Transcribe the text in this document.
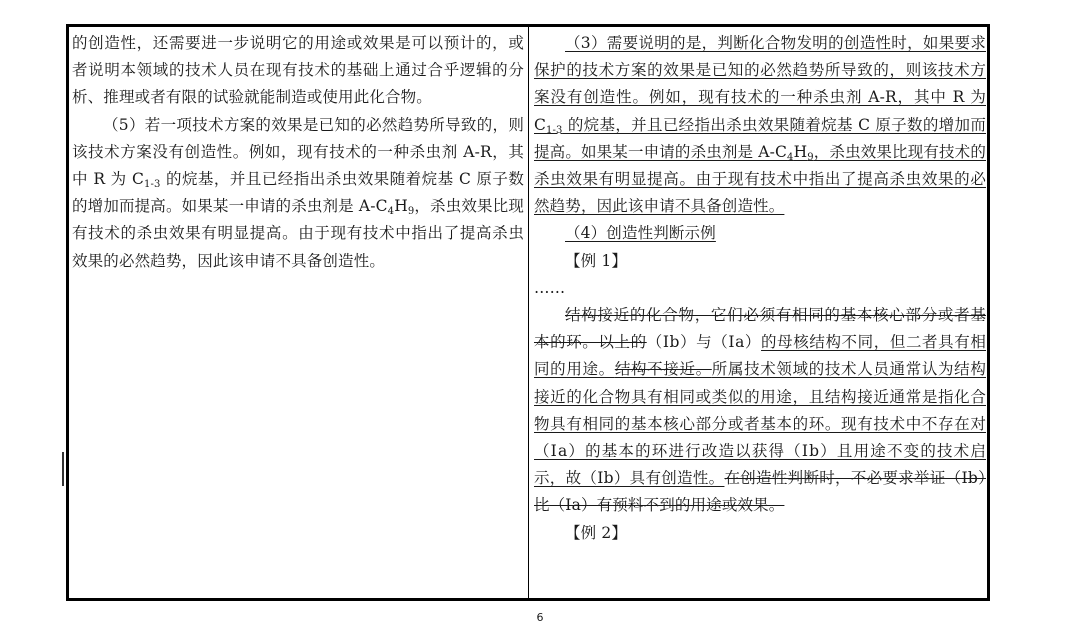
的创造性，还需要进一步说明它的用途或效果是可以预计的，或者说明本领域的技术人员在现有技术的基础上通过合乎逻辑的分析、推理或者有限的试验就能制造或使用此化合物。

（5）若一项技术方案的效果是已知的必然趋势所导致的，则该技术方案没有创造性。例如，现有技术的一种杀虫剂 A-R，其中 R 为 $C_{1-3}$ 的烷基，并且已经指出杀虫效果随着烷基 C 原子数的增加而提高。如果某一申请的杀虫剂是 $A-C_4H_9$，杀虫效果比现有技术的杀虫效果有明显提高。由于现有技术中指出了提高杀虫效果的必然趋势，因此该申请不具备创造性。

（3）需要说明的是，判断化合物发明的创造性时，如果要求保护的技术方案的效果是已知的必然趋势所导致的，则该技术方案没有创造性。例如，现有技术的一种杀虫剂 A-R，其中 R 为 $C_{1-3}$ 的烷基，并且已经指出杀虫效果随着烷基 C 原子数的增加而提高。如果某一申请的杀虫剂是 $A-C_4H_9$，杀虫效果比现有技术的杀虫效果有明显提高。由于现有技术中指出了提高杀虫效果的必然趋势，因此该申请不具备创造性。

（4）创造性判断示例

【例 1】

……

结构接近的化合物，它们必须有相同的基本核心部分或者基本的环。以上的（Ⅰb）与（Ⅰa）的母核结构不同，但二者具有相同的用途。结构不接近。所属技术领域的技术人员通常认为结构接近的化合物具有相同或类似的用途，且结构接近通常是指化合物具有相同的基本核心部分或者基本的环。现有技术中不存在对（Ⅰa）的基本的环进行改造以获得（Ⅰb）且用途不变的技术启示，故（Ⅰb）具有创造性。在创造性判断时，不必要求举证（Ⅰb）比（Ⅰa）有预料不到的用途或效果。

【例 2】

6
